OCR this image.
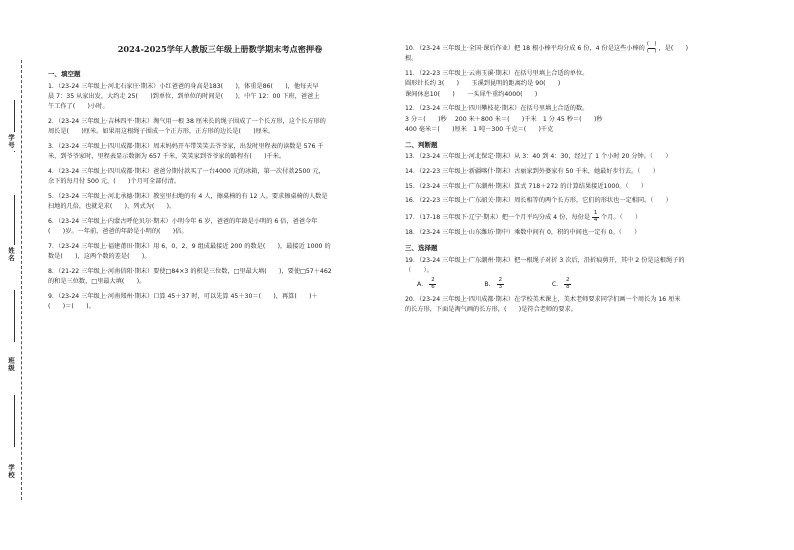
学号
姓名
班级
学校
2024-2025学年人教版三年级上册数学期末考点密押卷
一、填空题
1．（23-24 三年级上·河北石家庄·期末）小红爸爸的身高是183(　　)，体重是86(　　)，他每天早
晨 7：35 从家出发，大约走 25(　　)到单位，到单位的时间是(　　)，中午 12：00 下班，爸爸上
午工作了(　　)小时。
2．（23-24 三年级上·吉林四平·期末）淘气用一根 38 厘米长的绳子围成了一个长方形，这个长方形的
周长是(　　)厘米。如果用这根绳子围成一个正方形，正方形的边长是(　　)厘米。
3．（23-24 三年级上·四川成都·期末）周末妈妈开车带笑笑去爷爷家，出发时里程表的读数是 576 千
米，到爷爷家时，里程表显示数据为 657 千米，笑笑家到爷爷家的路程有(　　)千米。
4．（23-24 三年级上·四川成都·期末）爸爸分期付款买了一台4000 元的冰箱，第一次付款2500 元，
余下的每月付 500 元，(　　)个月可全部付清。
5．（23-24 三年级上·河北承德·期末）教室里扫地的有 4 人，擦桌椅的有 12 人。要求擦桌椅的人数是
扫地的几倍，也就是求(　　)，列式为(　　)。
6．（23-24 三年级上·内蒙古呼伦贝尔·期末）小明今年 6 岁，爸爸的年龄是小明的 6 倍，爸爸今年
(　　)岁。一年前，爸爸的年龄是小明的(　　)倍。
7．（23-24 三年级上·福建莆田·期末）用 6、0、2、9 组成最接近 200 的数是(　　)，最接近 1000 的
数是(　　)，这两个数的差是(　　)。
8．（21-22 三年级上·河南信阳·期末）要使□84×3 的积是三位数，□里最大填(　　)，要使□57＋462
的和是三位数，□里最大填(　　)。
9．（23-24 三年级上·河南郑州·期末）口算 45＋37 时，可以先算 45＋30＝(　　)，再算(　　)＋
(　　)＝(　　)。
10．（23-24 三年级上·全国·课后作业）把 18 根小棒平均分成 6 份，4 份是这些小棒的 $\frac{( )}{( )}$ ，是(　　)
根。
11．（22-23 三年级上·云南玉溪·期末）在括号里填上合适的单位。
圆形针长约 3(　　)　　玉溪到昆明的距离约是 90(　　)
课间休息10(　　)　　一头犀牛重约4000(　　)
12．（23-24 三年级上·四川攀枝花·期末）在括号里填上合适的数。
3 分＝(　　)秒　 200 米＋800 米＝(　　)千米　1 分 45 秒＝(　　)秒
400 毫米＝(　　)厘米　1 吨－300 千克＝(　　)千克
二、判断题
13．（23-24 三年级上·河北保定·期末）从 3：40 到 4：30，经过了 1 个小时 20 分钟。（　　）
14．（22-23 三年级上·新疆喀什·期末）古丽家到外婆家有 50 千米，她最好步行去。（　　）
15．（23-24 三年级上·广东潮州·期末）算式 718＋272 的计算结果接近1000。（　　）
16．（22-23 三年级上·广东韶关·期末）周长相等的两个长方形，它们的形状也一定相同。（　　）
17．（17-18 三年级下·辽宁·期末）把一个月平均分成 4 份，每份是 $\frac{1}{4}$ 个月。（　　）
18．（23-24 三年级上·山东潍坊·期中）乘数中间有 0，积的中间也一定有 0。（　　）
三、选择题
19．（23-24 三年级上·广东潮州·期末）把一根绳子对折 3 次后，沿折痕剪开，其中 2 份是这根绳子的
（　　）。
A． $\frac{2}{6}$	B． $\frac{2}{3}$	C． $\frac{2}{8}$
20．（23-24 三年级上·四川成都·期末）在学校美术课上，美术老师要求同学们画一个周长为 16 厘米
的长方形，下面是淘气画的长方形，(　　)是符合老师的要求。
